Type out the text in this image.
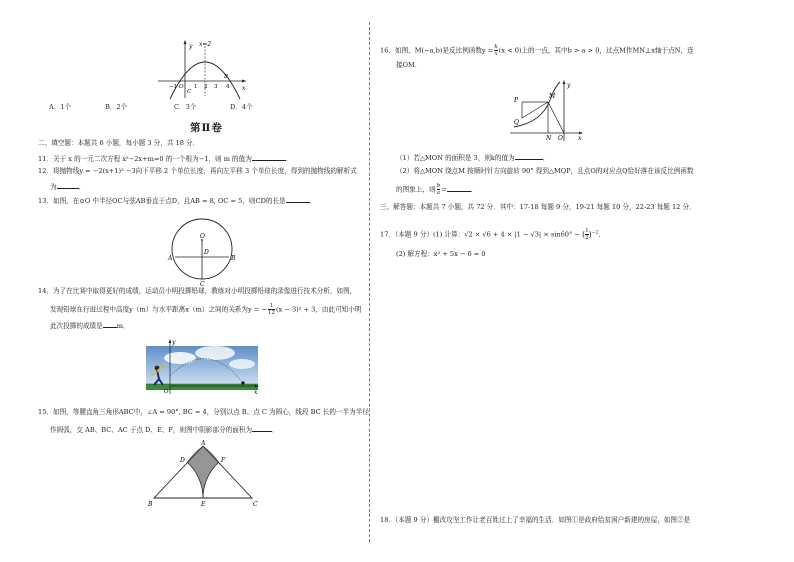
y
x
x=2
−1 O 1 2 3 4
B
C
A．1个	B．2个	C．3个	D．4个
第Ⅱ卷
二、填空题：本题共 6 小题，每小题 3 分，共 18 分．
11．关于 x 的一元二次方程 x²−2x+m=0 的一个根为−1，则 m 的值为	．
12．将抛物线y = −2(x+1)² −3向下平移 2 个单位长度，再向左平移 3 个单位长度，得到的抛物线的解析式
为	．
13．如图，在⊙O 中半径OC与弦AB垂直于点D，且AB = 8, OC = 5，则CD的长是	．
O
A	B
D
C
14．为了在比赛中取得更好的成绩，运动员小明投掷铅球，教练对小明投掷铅球的录像进行技术分析，如图，
发现铅球在行进过程中高度y（m）与水平距离x（m）之间的关系为y = − $\frac{1}{12} (x - 3)^2 + 3$，由此可知小明
此次投掷的成绩是 m．
y
x
O
15．如图，等腰直角三角形ABC中，∠A = 90°, BC = 4，分别以点 B、点 C 为圆心，线段 BC 长的一半为半径
作圆弧，交 AB、BC、AC 于点 D、E、F，则图中阴影部分的面积为	．
A
D	F
B	E	C
16．如图，M(−a,b)是反比例函数$y = \frac{k}{x} (x < 0)$上的一点，其中b > a > 0，过点M作MN⊥x轴于点N，连
接OM．
y
P
M
Q
N O	x
（1）若△MON 的面积是 3，则k的值为	．
（2）将△MON 绕点M 按顺时针方向旋转 90° 得到△MQP，且点O的对应点Q恰好落在该反比例函数
的图象上，则 $\frac{b}{a}$ =	．
三、解答题：本题共 7 小题，共 72 分．其中：17-18 每题 9 分，19-21 每题 10 分，22-23 每题 12 分．
17．（本题 9 分）(1) 计算：√2 × √6 + 4 × |1 − √3| × sin60° − ( $\frac{1}{2} )^{-2}$．
(2) 解方程：x² + 5x − 6 = 0
18．（本题 9 分）棚改攻坚工作让老百姓过上了幸福的生活．如图①是政府给贫困户新建的房屋，如图②是
